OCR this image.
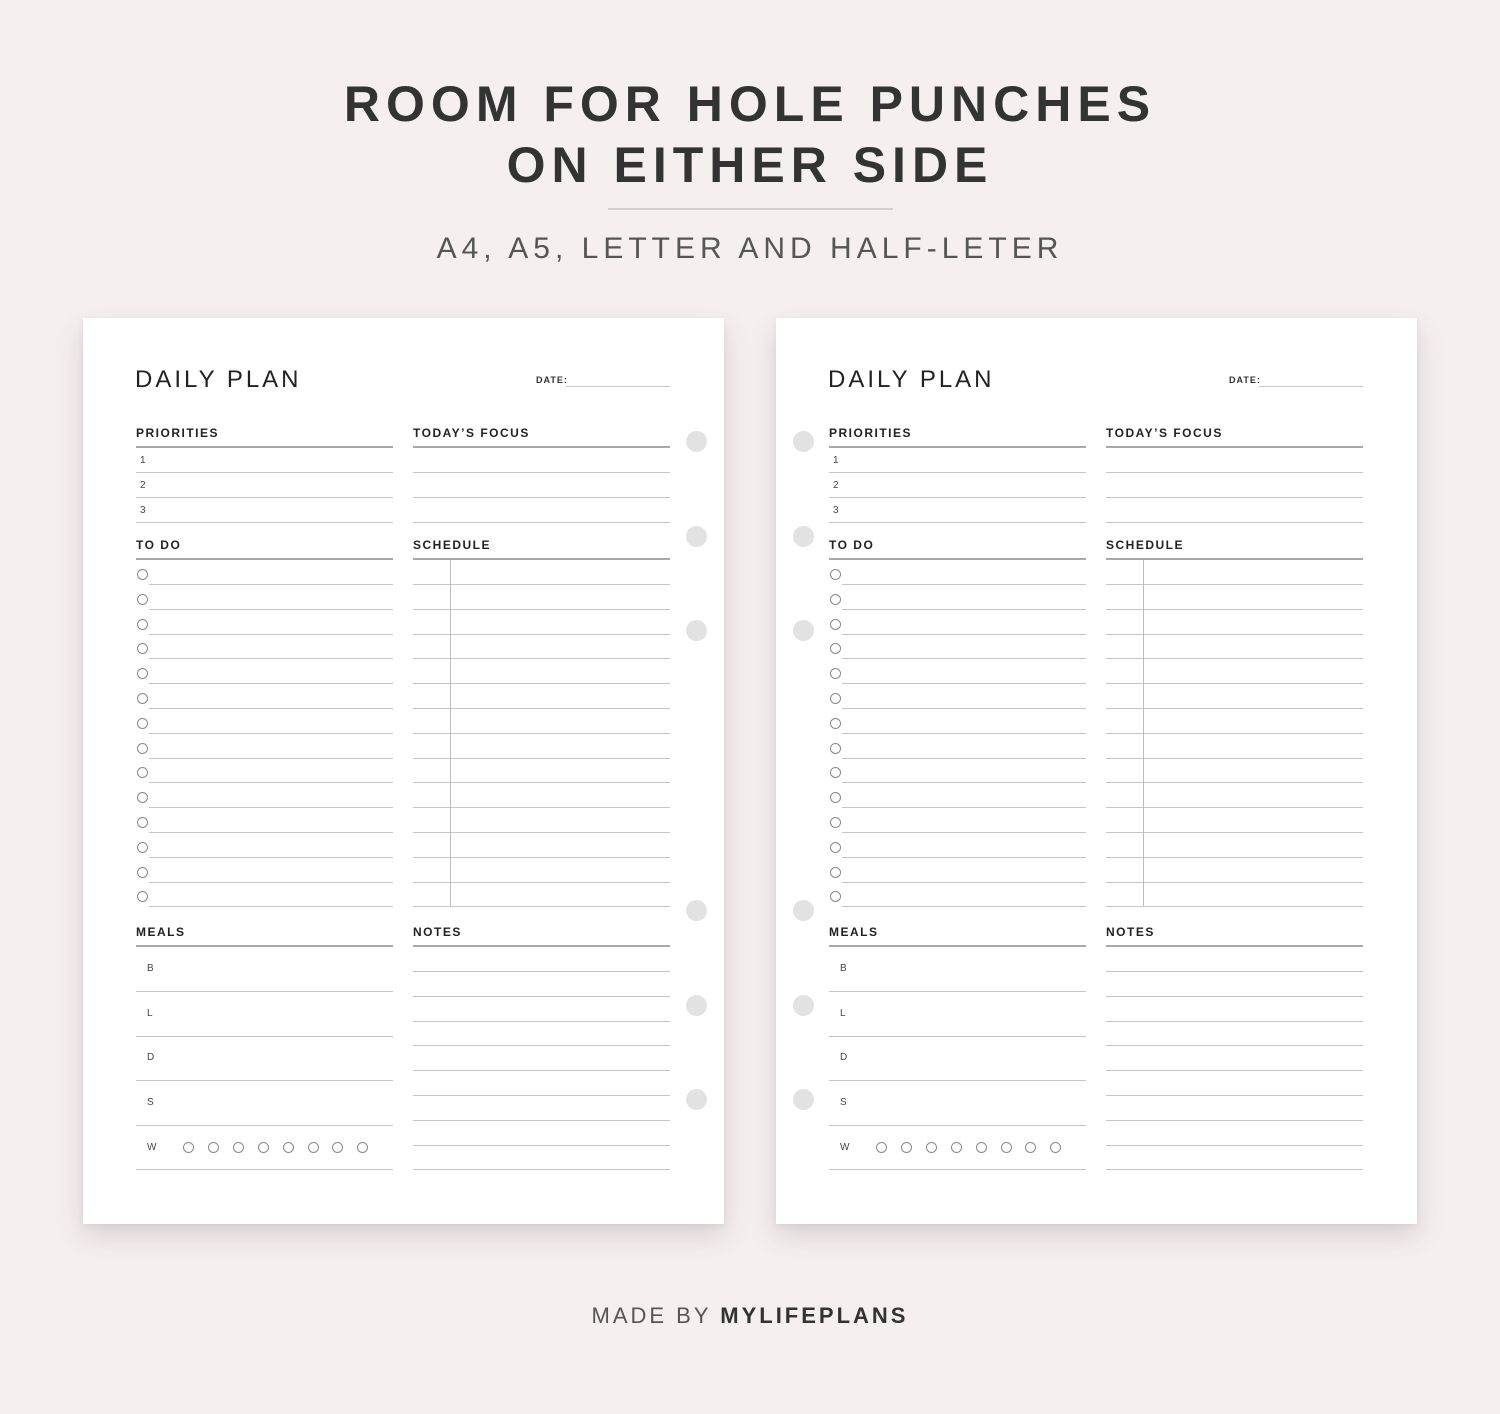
ROOM FOR HOLE PUNCHES
ON EITHER SIDE
A4, A5, LETTER AND HALF-LETER
DAILY PLAN	DATE:
PRIORITIES
1
2
3
TODAY’S FOCUS
TO DO	SCHEDULE
MEALS
B
L
D
S
W
NOTES
DAILY PLAN	DATE:
PRIORITIES
1
2
3
TODAY’S FOCUS
TO DO	SCHEDULE
MEALS
B
L
D
S
W
NOTES
MADE BY MYLIFEPLANS
